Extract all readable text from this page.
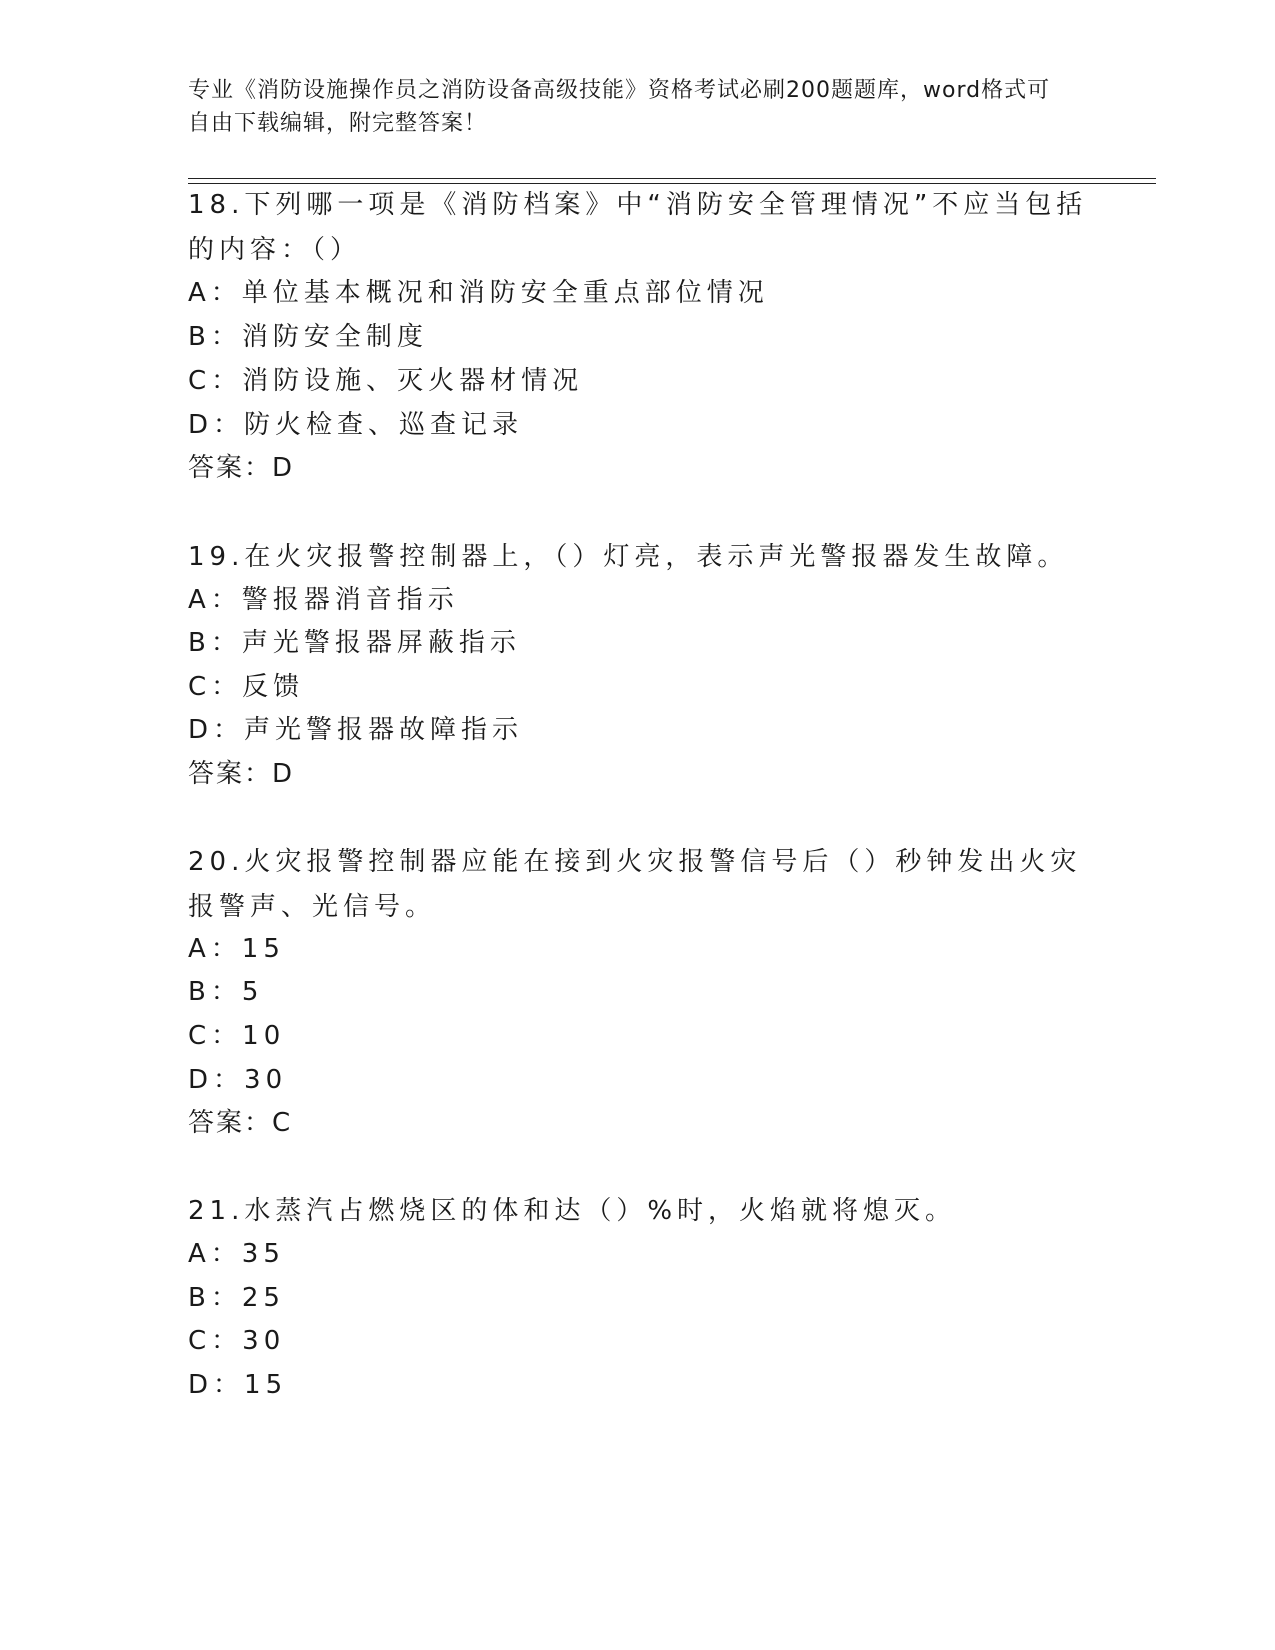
专业《消防设施操作员之消防设备高级技能》资格考试必刷200题题库，word格式可自由下载编辑，附完整答案！
18.下列哪一项是《消防档案》中“消防安全管理情况”不应当包括的内容：（）
A：单位基本概况和消防安全重点部位情况
B：消防安全制度
C：消防设施、灭火器材情况
D：防火检查、巡查记录
答案：D
19.在火灾报警控制器上，（）灯亮，表示声光警报器发生故障。
A：警报器消音指示
B：声光警报器屏蔽指示
C：反馈
D：声光警报器故障指示
答案：D
20.火灾报警控制器应能在接到火灾报警信号后（）秒钟发出火灾报警声、光信号。
A：15
B：5
C：10
D：30
答案：C
21.水蒸汽占燃烧区的体和达（）%时，火焰就将熄灭。
A：35
B：25
C：30
D：15
